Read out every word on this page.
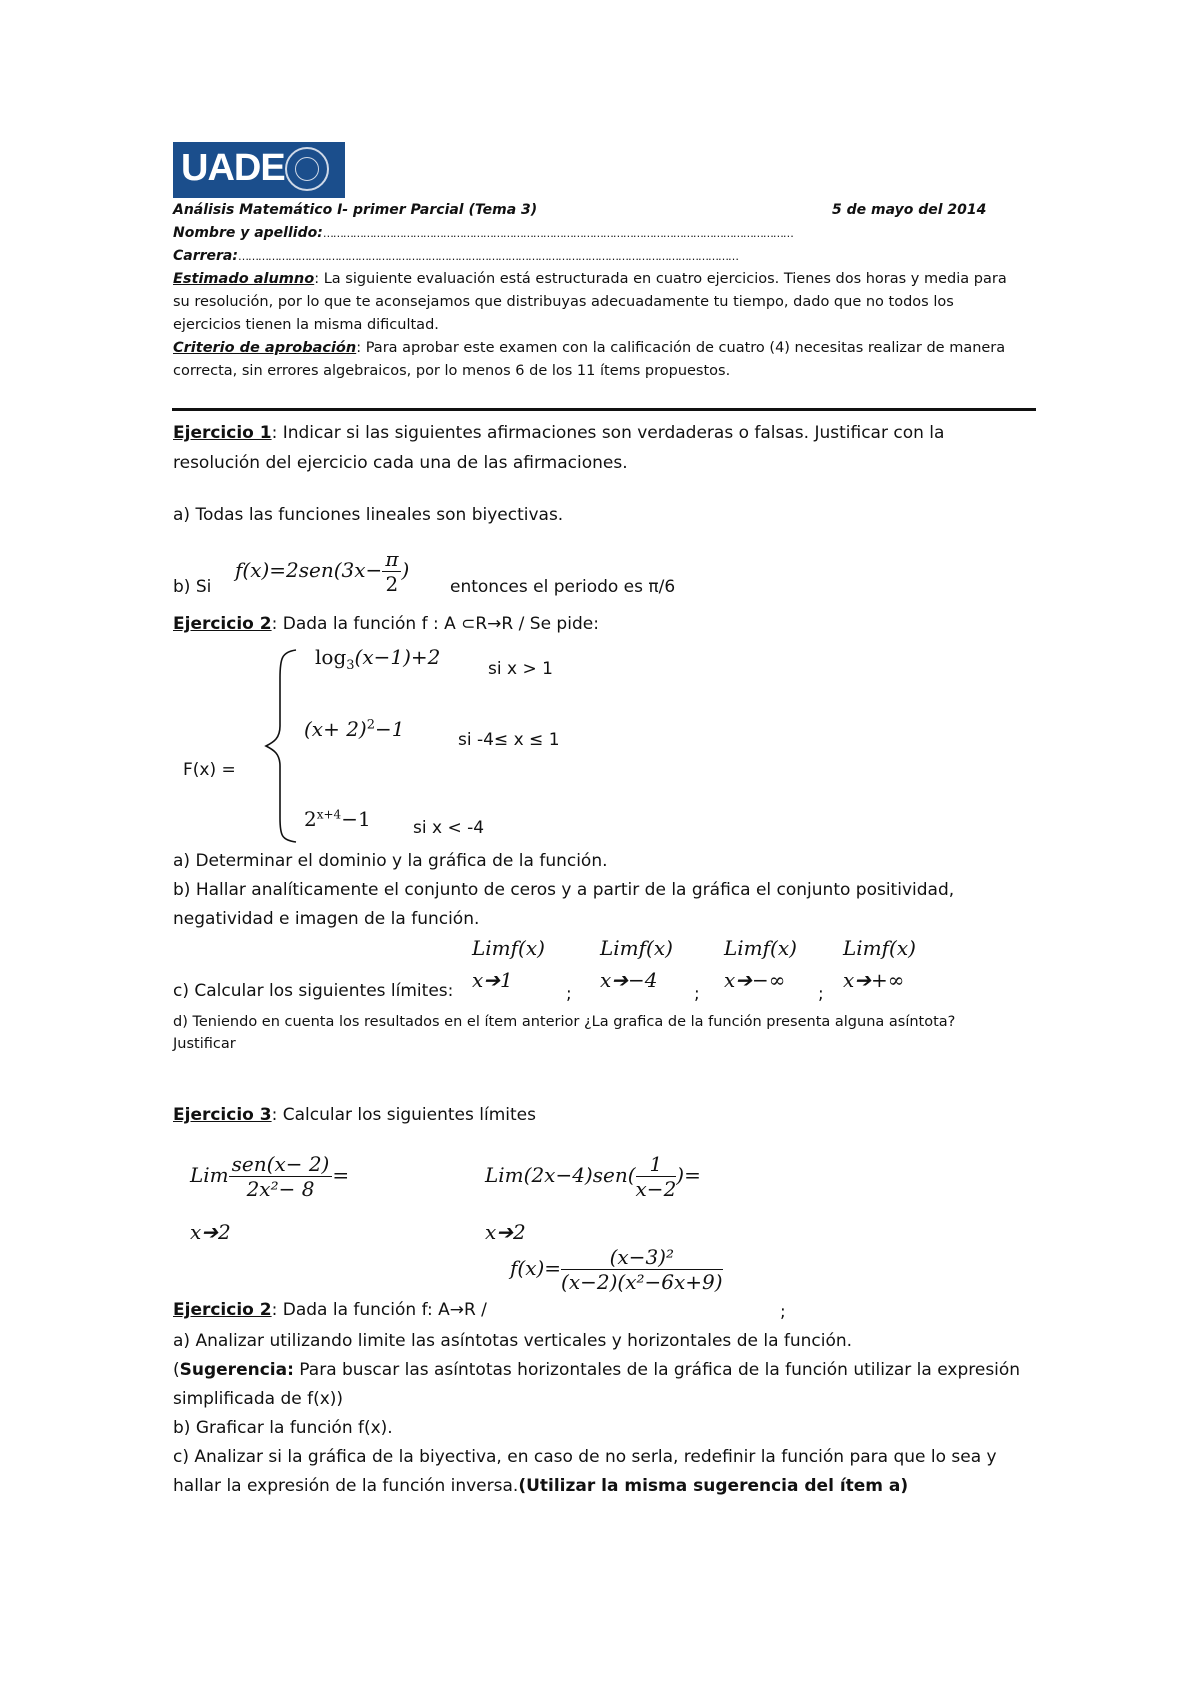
UADE
Análisis Matemático I- primer Parcial (Tema 3)	5 de mayo del 2014
Nombre y apellido:……………………………………………………………………………………………………………………………
Carrera:……………………………………………………………………………………………………………………………………
Estimado alumno: La siguiente evaluación está estructurada en cuatro ejercicios. Tienes dos horas y media para
su resolución, por lo que te aconsejamos que distribuyas adecuadamente tu tiempo, dado que no todos los
ejercicios tienen la misma dificultad.
Criterio de aprobación: Para aprobar este examen con la calificación de cuatro (4) necesitas realizar de manera
correcta, sin errores algebraicos, por lo menos 6 de los 11 ítems propuestos.
Ejercicio 1: Indicar si las siguientes afirmaciones son verdaderas o falsas. Justificar con la
resolución del ejercicio cada una de las afirmaciones.
a) Todas las funciones lineales son biyectivas.
b) Si
$f(x)=2sen(3x- \frac{\pi}{2}$ )
entonces el periodo es π/6
Ejercicio 2: Dada la función f : A ⊂R→R / Se pide:
F(x) =
$\log_3(x-1)+2$	si x > 1
$(x+ 2)^2-1$	si -4≤ x ≤ 1
$2^{x+4}-1$ si x < -4
a) Determinar el dominio y la gráfica de la función.
b) Hallar analíticamente el conjunto de ceros y a partir de la gráfica el conjunto positividad,
negatividad e imagen de la función.
c) Calcular los siguientes límites:
Limf(x)
x➔1
;
Limf(x)
x➔−4
;
Limf(x)
x➔−∞
;
Limf(x)
x➔+∞
d) Teniendo en cuenta los resultados en el ítem anterior ¿La grafica de la función presenta alguna asíntota?
Justificar
Ejercicio 3: Calcular los siguientes límites
Lim $\frac{\text{sen(x− 2)}}{\text{2x²− 8}}$ =
x➔2
$Lim(2x-4)sen( \frac{1}{x-2}$ )=
x➔2
$f(x)= \frac{\text{(x−3)²}}{\text{(x−2)(x²−6x+9)}}$
;
Ejercicio 2: Dada la función f: A→R /
a) Analizar utilizando limite las asíntotas verticales y horizontales de la función.
(Sugerencia: Para buscar las asíntotas horizontales de la gráfica de la función utilizar la expresión
simplificada de f(x))
b) Graficar la función f(x).
c) Analizar si la gráfica de la biyectiva, en caso de no serla, redefinir la función para que lo sea y
hallar la expresión de la función inversa.(Utilizar la misma sugerencia del ítem a)
